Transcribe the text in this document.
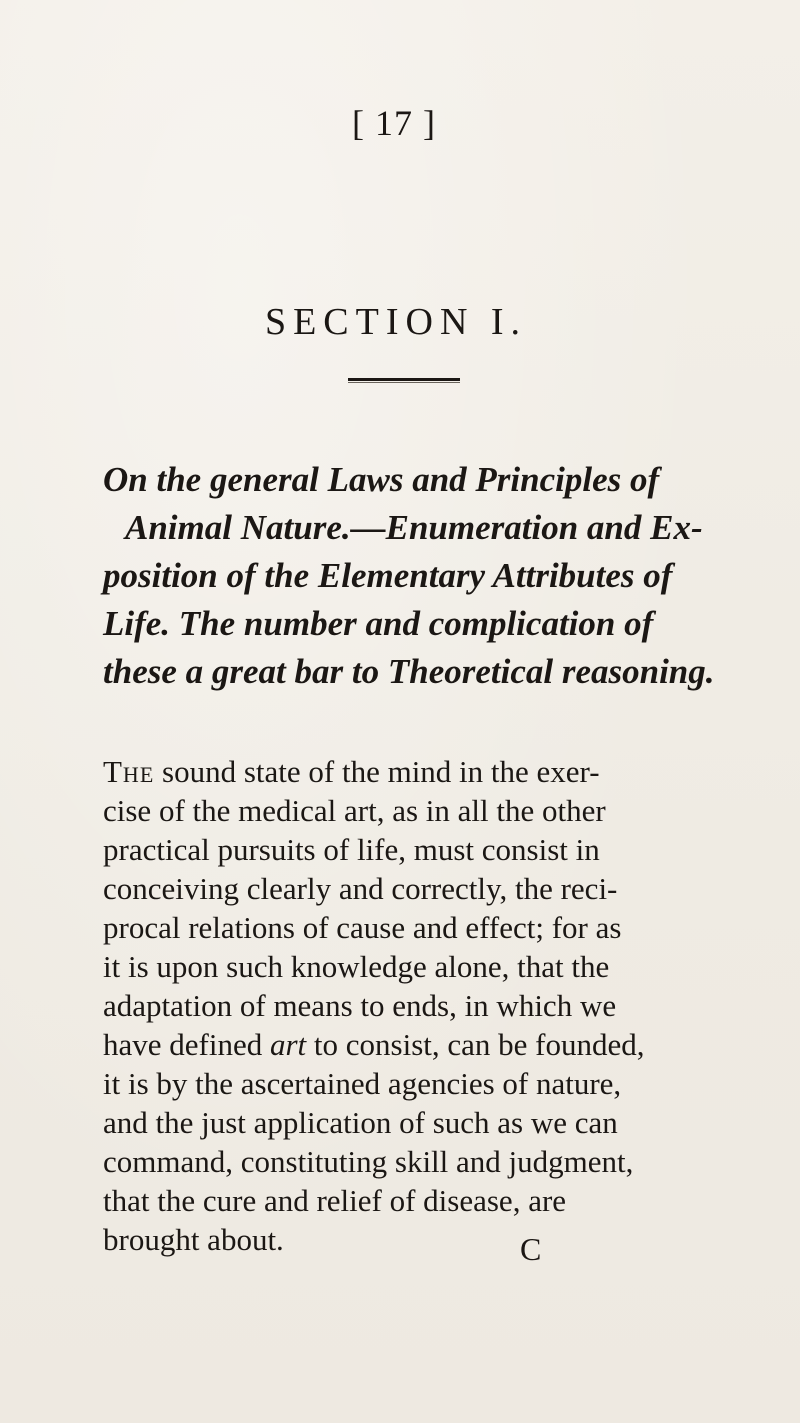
[ 17 ]
SECTION I.
On the general Laws and Principles of
Animal Nature.—Enumeration and Ex-
position of the Elementary Attributes of
Life. The number and complication of
these a great bar to Theoretical reasoning.
The sound state of the mind in the exer-
cise of the medical art, as in all the other
practical pursuits of life, must consist in
conceiving clearly and correctly, the reci-
procal relations of cause and effect; for as
it is upon such knowledge alone, that the
adaptation of means to ends, in which we
have defined art to consist, can be founded,
it is by the ascertained agencies of nature,
and the just application of such as we can
command, constituting skill and judgment,
that the cure and relief of disease, are
brought about.	C
